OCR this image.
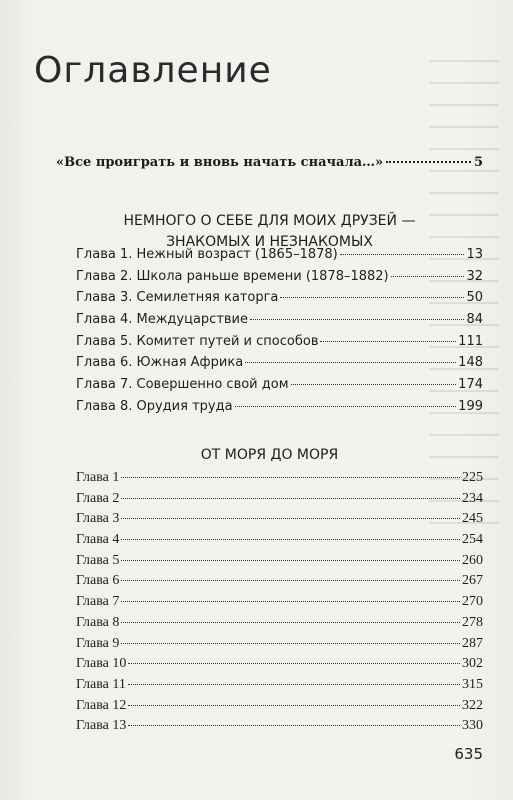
Оглавление
«Все проиграть и вновь начать сначала…»	5
НЕМНОГО О СЕБЕ ДЛЯ МОИХ ДРУЗЕЙ —
ЗНАКОМЫХ И НЕЗНАКОМЫХ
Глава 1. Нежный возраст (1865–1878)	13
Глава 2. Школа раньше времени (1878–1882)	32
Глава 3. Семилетняя каторга	50
Глава 4. Междуцарствие	84
Глава 5. Комитет путей и способов	111
Глава 6. Южная Африка	148
Глава 7. Совершенно свой дом	174
Глава 8. Орудия труда	199
ОТ МОРЯ ДО МОРЯ
Глава 1	225
Глава 2	234
Глава 3	245
Глава 4	254
Глава 5	260
Глава 6	267
Глава 7	270
Глава 8	278
Глава 9	287
Глава 10	302
Глава 11	315
Глава 12	322
Глава 13	330
635
